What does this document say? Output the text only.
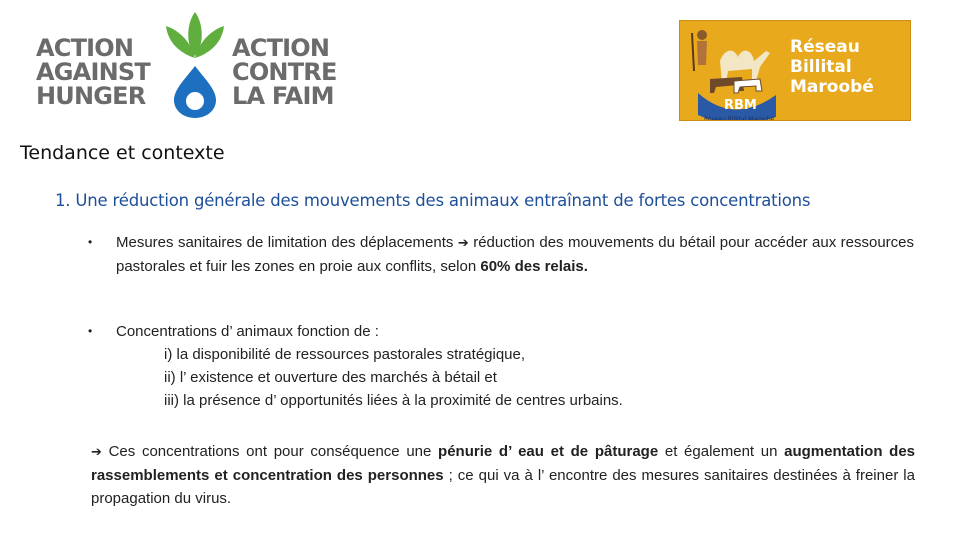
ACTION
AGAINST
HUNGER
ACTION
CONTRE
LA FAIM	RBM
Réseau Billital Maroobé
Réseau
Billital
Maroobé
Tendance et contexte
1. Une réduction générale des mouvements des animaux entraînant de fortes concentrations
•	Mesures sanitaires de limitation des déplacements ➔ réduction des mouvements du bétail pour accéder aux ressources pastorales et fuir les zones en proie aux conflits, selon 60% des relais.
•	Concentrations d’ animaux fonction de :
i) la disponibilité de ressources pastorales stratégique,
ii) l’ existence et ouverture des marchés à bétail et
iii) la présence d’ opportunités liées à la proximité de centres urbains.
➔ Ces concentrations ont pour conséquence une pénurie d’ eau et de pâturage et également un augmentation des rassemblements et concentration des personnes ; ce qui va à l’ encontre des mesures sanitaires destinées à freiner la propagation du virus.
